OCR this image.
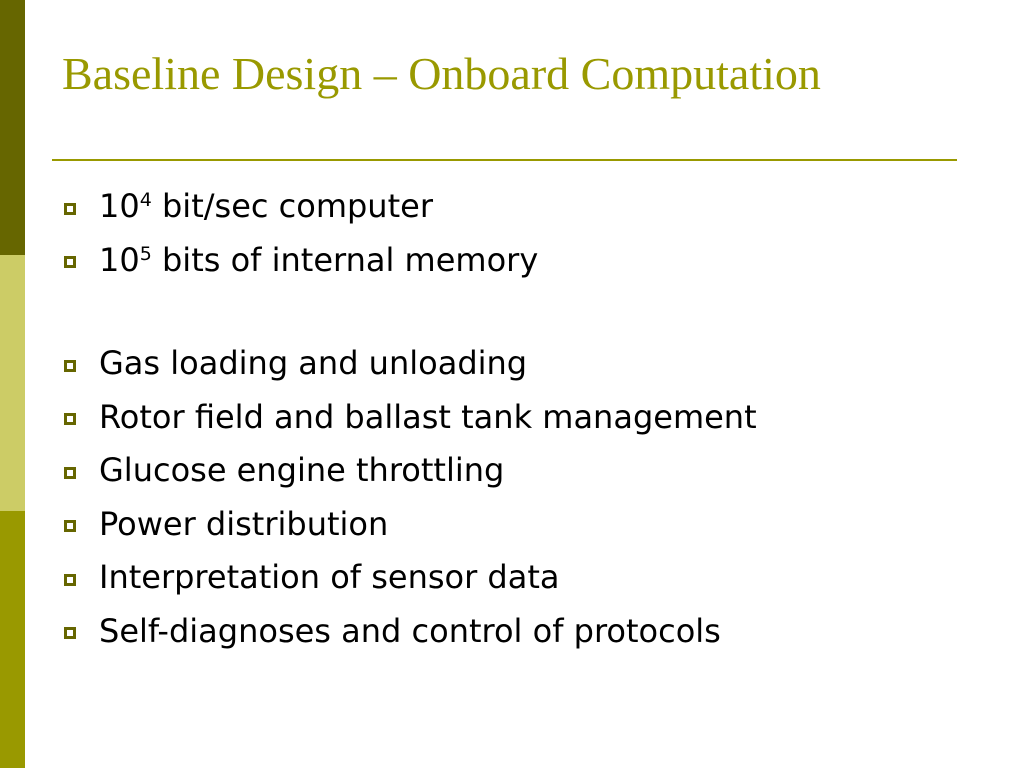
Baseline Design – Onboard Computation
$10^4$ bit/sec computer
$10^5$ bits of internal memory
Gas loading and unloading
Rotor field and ballast tank management
Glucose engine throttling
Power distribution
Interpretation of sensor data
Self-diagnoses and control of protocols
